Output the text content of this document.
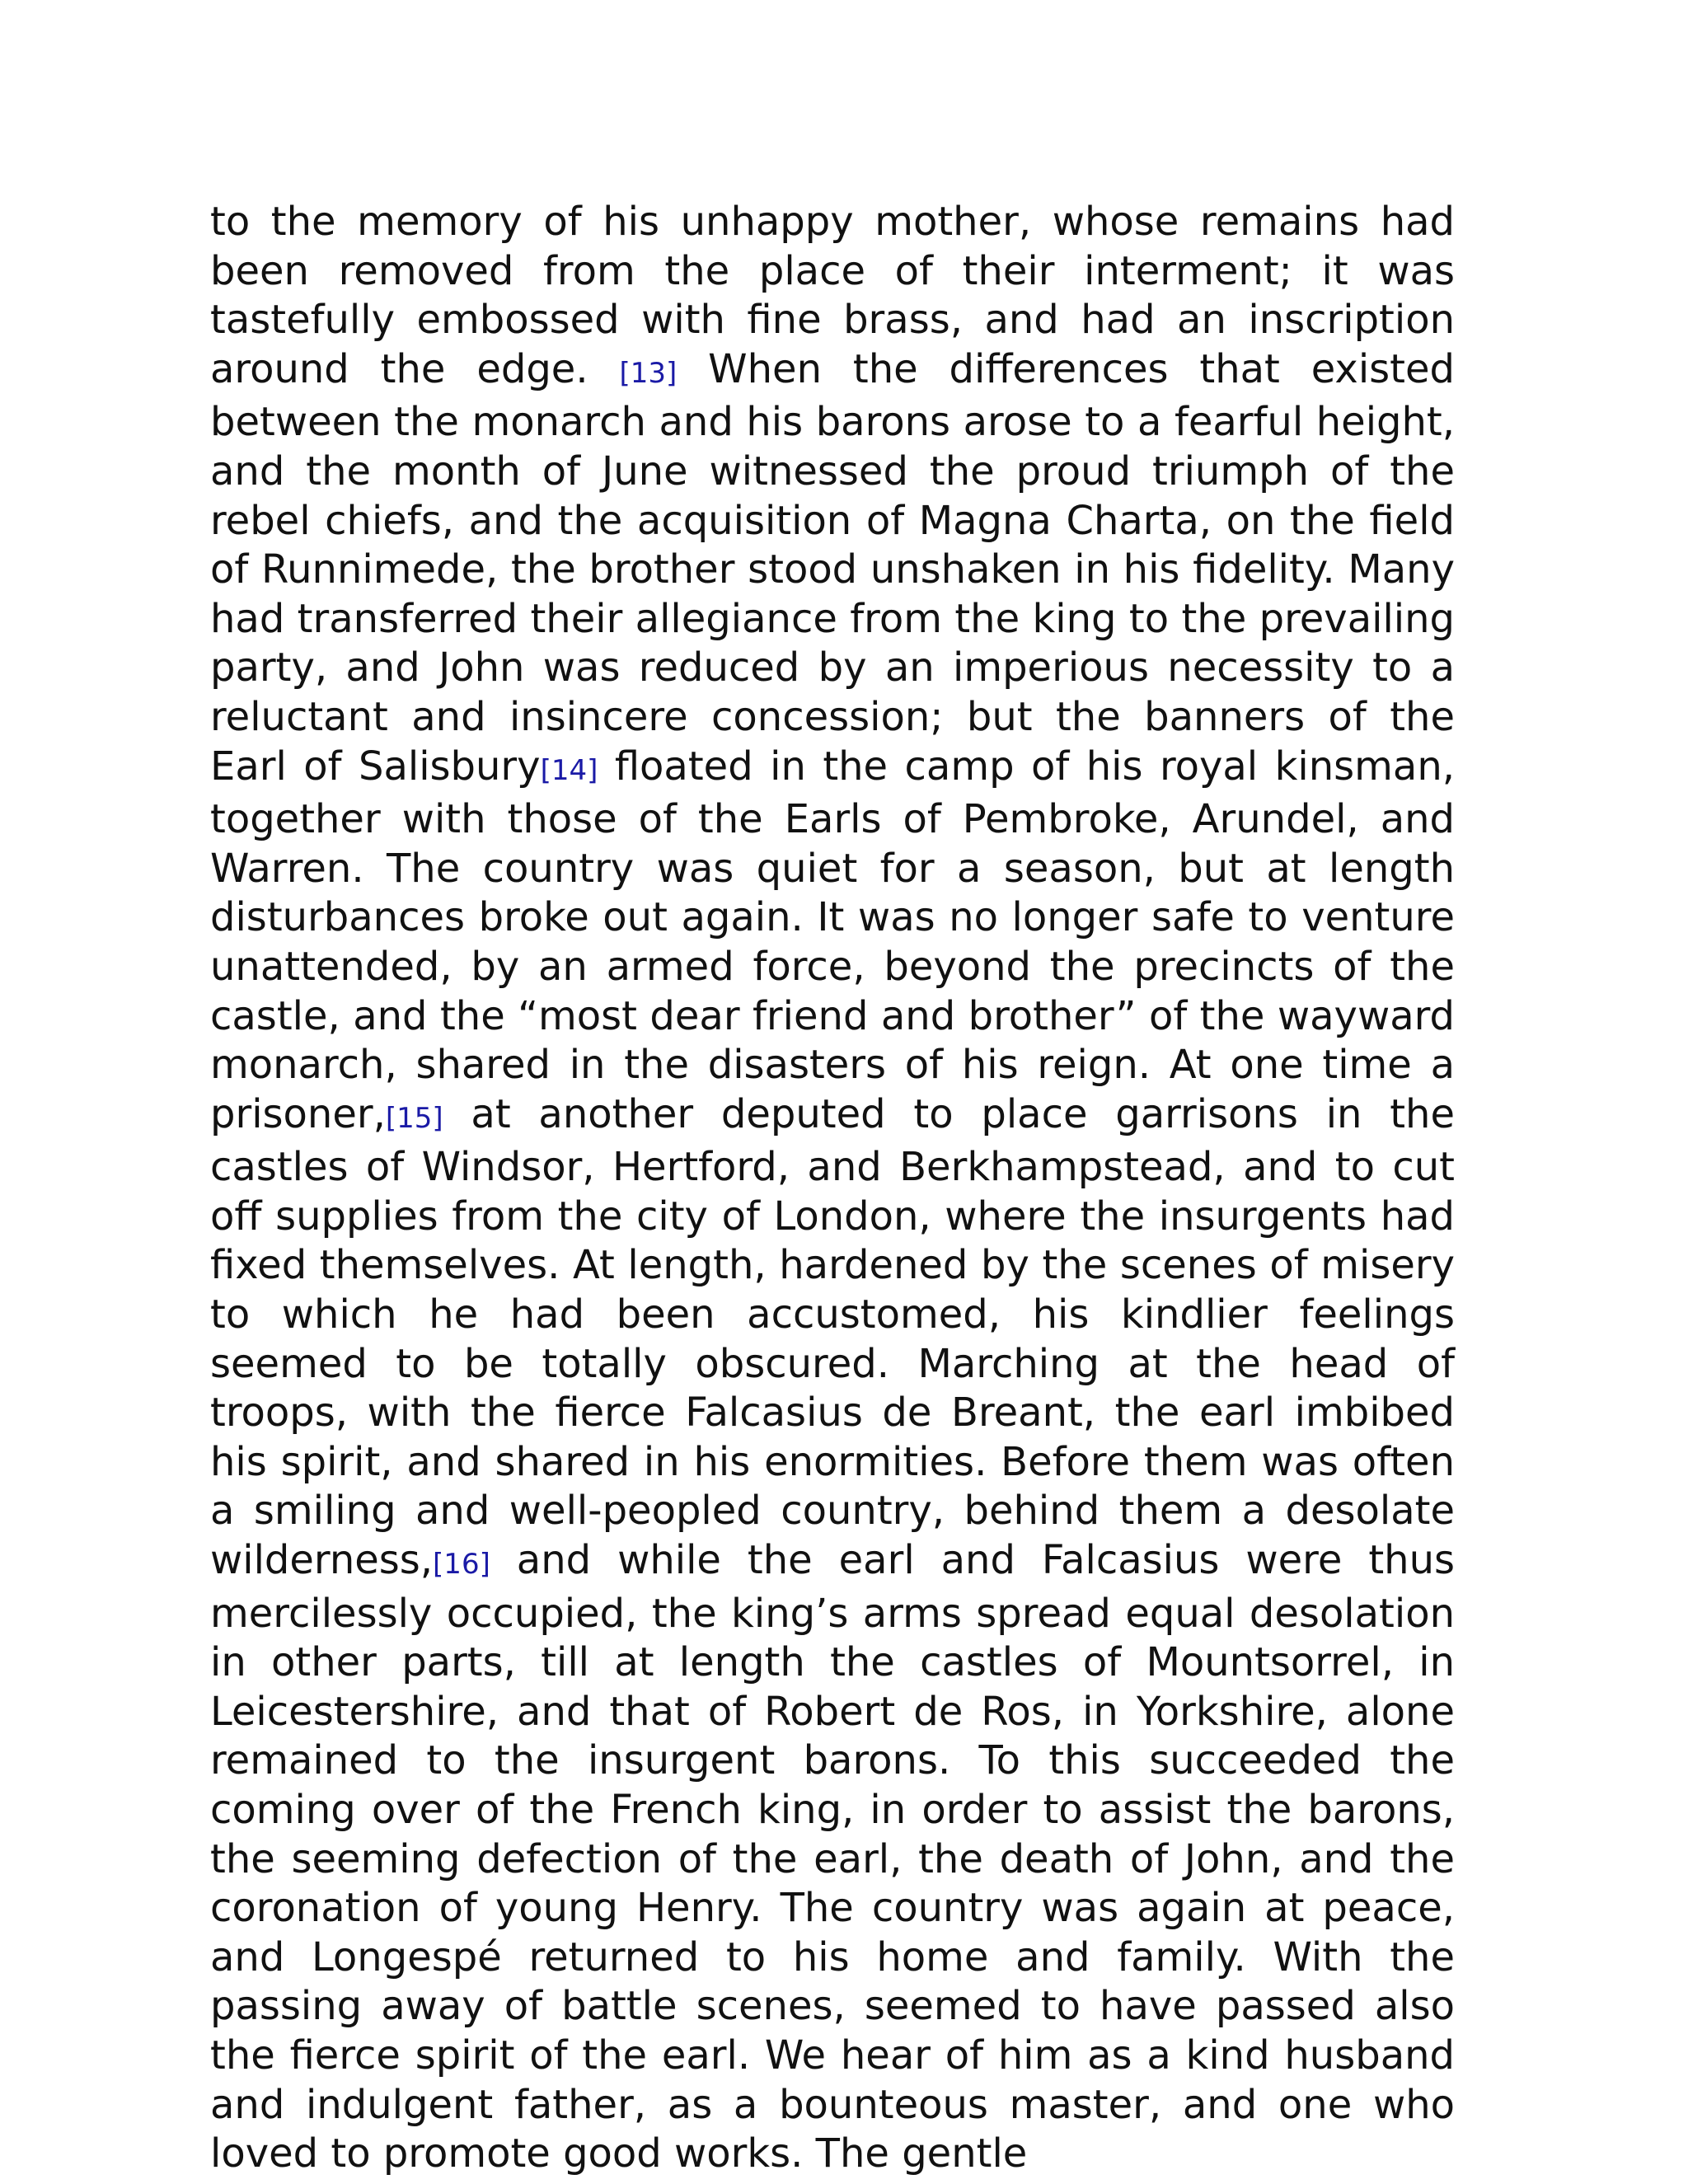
to the memory of his unhappy mother, whose remains had been removed from the place of their interment; it was tastefully embossed with fine brass, and had an inscription around the edge. [13] When the differences that existed between the monarch and his barons arose to a fearful height, and the month of June witnessed the proud triumph of the rebel chiefs, and the acquisition of Magna Charta, on the field of Runnimede, the brother stood unshaken in his fidelity. Many had transferred their allegiance from the king to the prevailing party, and John was reduced by an imperious necessity to a reluctant and insincere concession; but the banners of the Earl of Salisbury[14] floated in the camp of his royal kinsman, together with those of the Earls of Pembroke, Arundel, and Warren. The country was quiet for a season, but at length disturbances broke out again. It was no longer safe to venture unattended, by an armed force, beyond the precincts of the castle, and the “most dear friend and brother” of the wayward monarch, shared in the disasters of his reign. At one time a prisoner,[15] at another deputed to place garrisons in the castles of Windsor, Hertford, and Berkhampstead, and to cut off supplies from the city of London, where the insurgents had fixed themselves. At length, hardened by the scenes of misery to which he had been accustomed, his kindlier feelings seemed to be totally obscured. Marching at the head of troops, with the fierce Falcasius de Breant, the earl imbibed his spirit, and shared in his enormities. Before them was often a smiling and well-peopled country, behind them a desolate wilderness,[16] and while the earl and Falcasius were thus mercilessly occupied, the king’s arms spread equal desolation in other parts, till at length the castles of Mountsorrel, in Leicestershire, and that of Robert de Ros, in Yorkshire, alone remained to the insurgent barons. To this succeeded the coming over of the French king, in order to assist the barons, the seeming defection of the earl, the death of John, and the coronation of young Henry. The country was again at peace, and Longespé returned to his home and family. With the passing away of battle scenes, seemed to have passed also the fierce spirit of the earl. We hear of him as a kind husband and indulgent father, as a bounteous master, and one who loved to promote good works. The gentle
